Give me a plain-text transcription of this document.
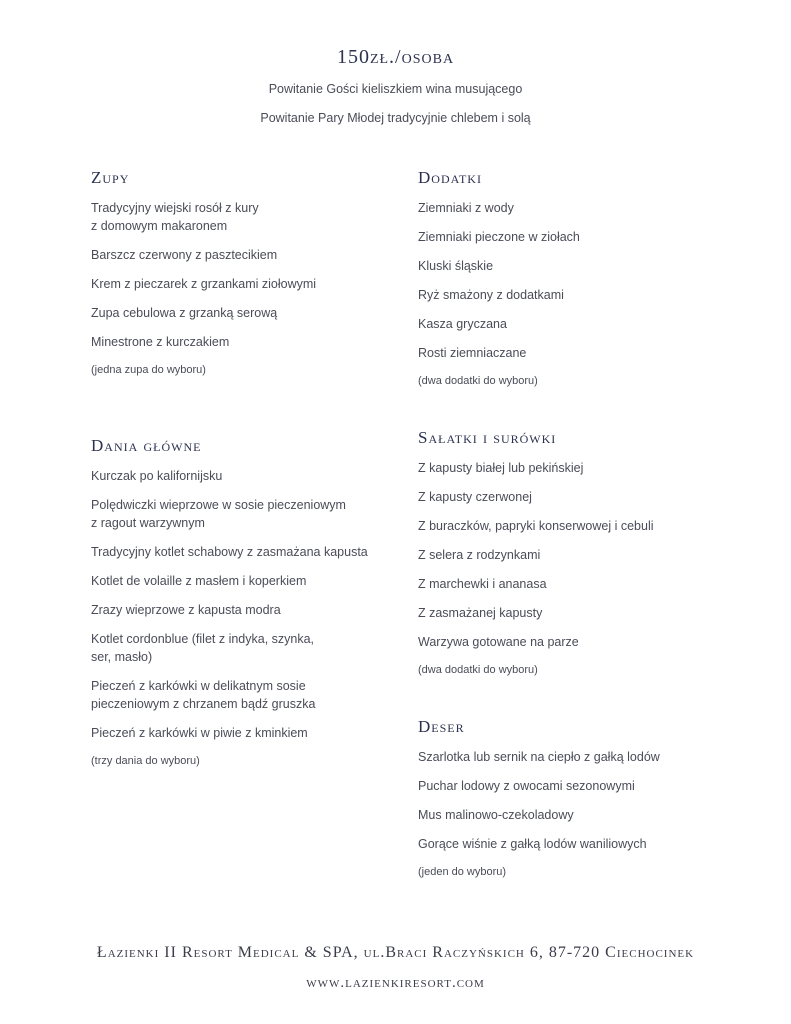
150zł./osoba
Powitanie Gości kieliszkiem wina musującego
Powitanie Pary Młodej tradycyjnie chlebem i solą
Zupy
Tradycyjny wiejski rosół z kury
z domowym makaronem
Barszcz czerwony z pasztecikiem
Krem z pieczarek z grzankami ziołowymi
Zupa cebulowa z grzanką serową
Minestrone z kurczakiem
(jedna zupa do wyboru)
Dodatki
Ziemniaki z wody
Ziemniaki pieczone w ziołach
Kluski śląskie
Ryż smażony z dodatkami
Kasza gryczana
Rosti ziemniaczane
(dwa dodatki do wyboru)
Dania główne
Kurczak po kalifornijsku
Polędwiczki wieprzowe w sosie pieczeniowym
z ragout warzywnym
Tradycyjny kotlet schabowy z zasmażana kapusta
Kotlet de volaille z masłem i koperkiem
Zrazy wieprzowe z kapusta modra
Kotlet cordonblue (filet z indyka, szynka,
ser, masło)
Pieczeń z karkówki w delikatnym sosie
pieczeniowym z chrzanem bądź gruszka
Pieczeń z karkówki w piwie z kminkiem
(trzy dania do wyboru)
Sałatki i surówki
Z kapusty białej lub pekińskiej
Z kapusty czerwonej
Z buraczków, papryki konserwowej i cebuli
Z selera z rodzynkami
Z marchewki i ananasa
Z zasmażanej kapusty
Warzywa gotowane na parze
(dwa dodatki do wyboru)
Deser
Szarlotka lub sernik na ciepło z gałką lodów
Puchar lodowy z owocami sezonowymi
Mus malinowo-czekoladowy
Gorące wiśnie z gałką lodów waniliowych
(jeden do wyboru)
Łazienki II Resort Medical & SPA, ul.Braci Raczyńskich 6, 87-720 Ciechocinek
www.lazienkiresort.com
